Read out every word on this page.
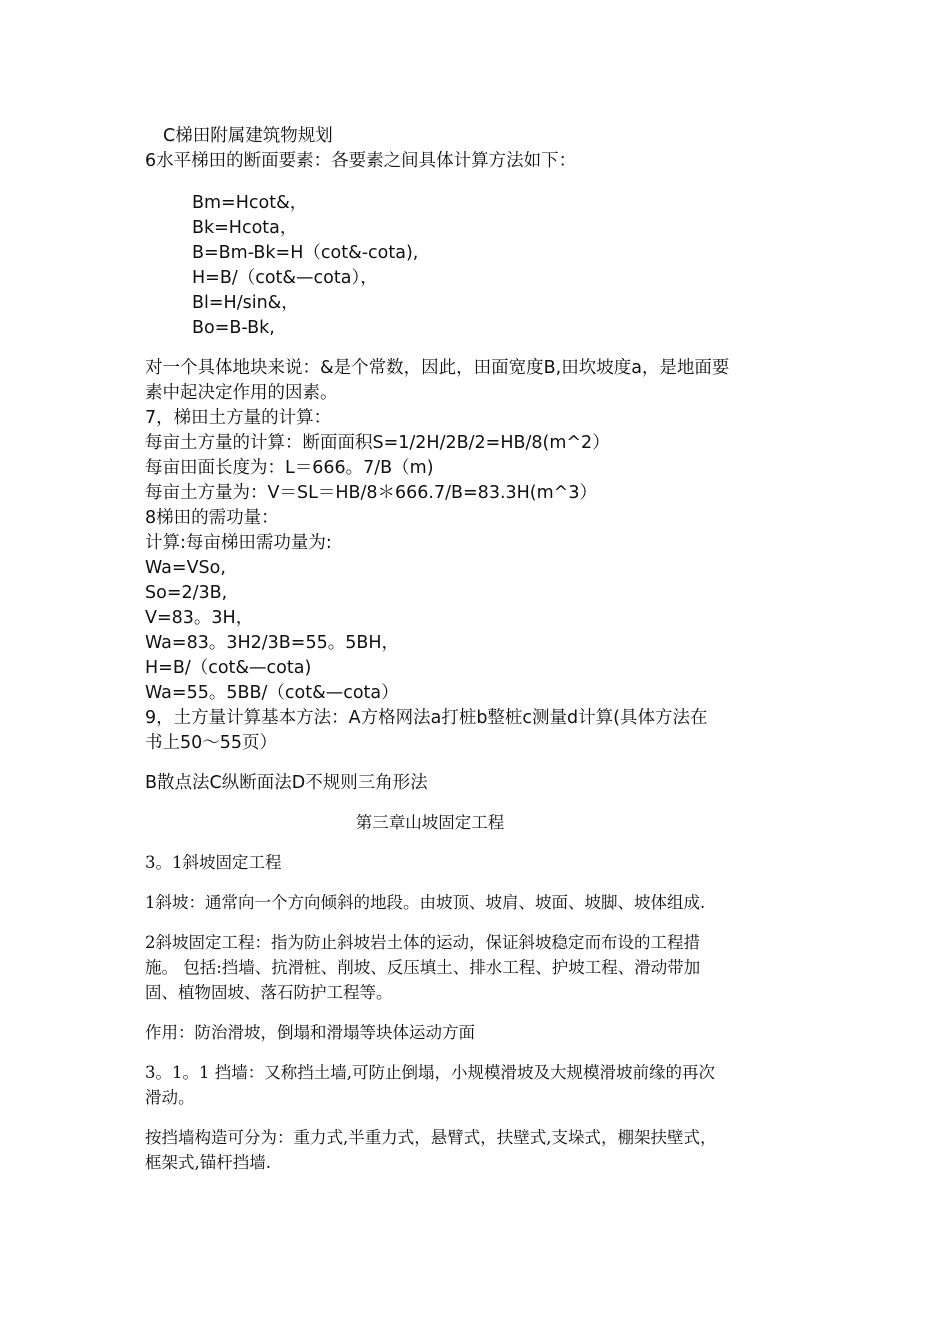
C梯田附属建筑物规划
6水平梯田的断面要素：各要素之间具体计算方法如下：
Bm=Hcot&，
Bk=Hcota，
B=Bm-Bk=H（cot&-cota),
H=B/（cot&—cota），
Bl=H/sin&，
Bo=B-Bk,
对一个具体地块来说：&是个常数，因此，田面宽度B,田坎坡度a，是地面要
素中起决定作用的因素。
7，梯田土方量的计算：
每亩土方量的计算：断面面积S=1/2H/2B/2=HB/8(m^2）
每亩田面长度为：L＝666。7/B（m)
每亩土方量为：V＝SL＝HB/8＊666.7/B=83.3H(m^3）
8梯田的需功量：
计算:每亩梯田需功量为:
Wa=VSo,
So=2/3B,
V=83。3H，
Wa=83。3H2/3B=55。5BH，
H=B/（cot&—cota)
Wa=55。5BB/（cot&—cota）
9，土方量计算基本方法：A方格网法a打桩b整桩c测量d计算(具体方法在
书上50～55页）
B散点法C纵断面法D不规则三角形法
第三章山坡固定工程
3。1斜坡固定工程
1斜坡：通常向一个方向倾斜的地段。由坡顶、坡肩、坡面、坡脚、坡体组成.
2斜坡固定工程：指为防止斜坡岩土体的运动，保证斜坡稳定而布设的工程措
施。 包括:挡墙、抗滑桩、削坡、反压填土、排水工程、护坡工程、滑动带加
固、植物固坡、落石防护工程等。
作用：防治滑坡，倒塌和滑塌等块体运动方面
3。1。1 挡墙：又称挡土墙,可防止倒塌，小规模滑坡及大规模滑坡前缘的再次
滑动。
按挡墙构造可分为：重力式,半重力式，悬臂式，扶壁式,支垛式，棚架扶壁式，
框架式,锚杆挡墙.
